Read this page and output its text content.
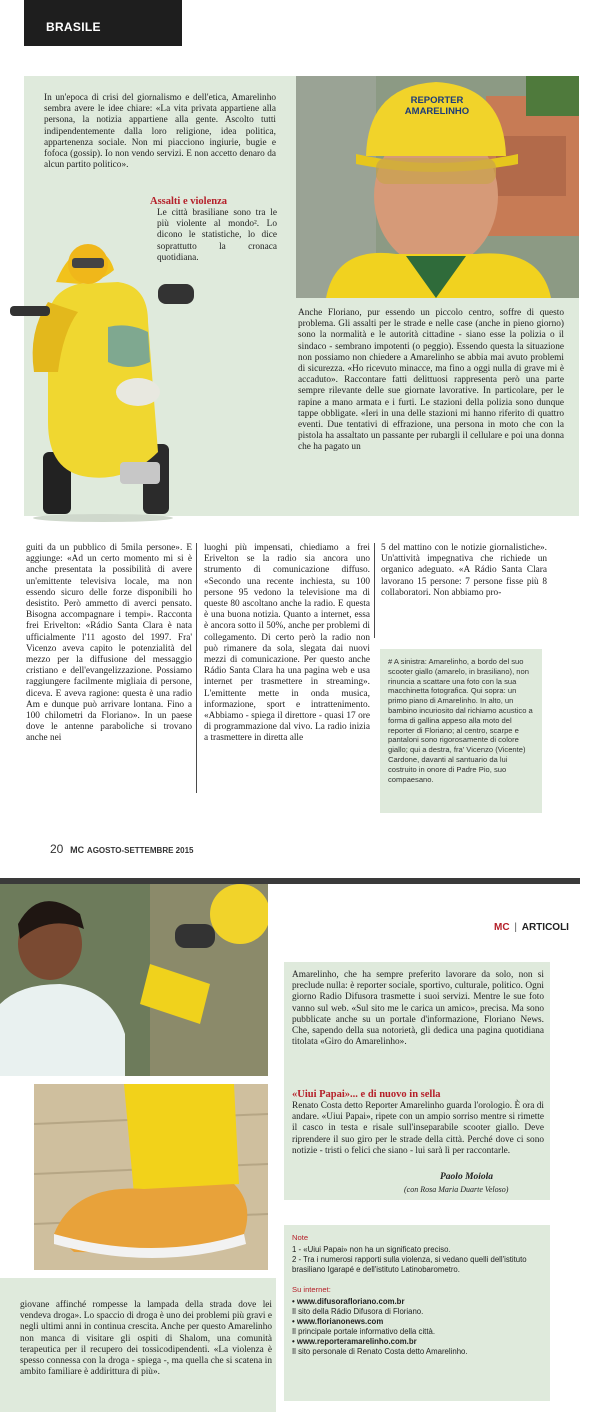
BRASILE
In un'epoca di crisi del giornalismo e dell'etica, Amarelinho sembra avere le idee chiare: «La vita privata appartiene alla persona, la notizia appartiene alla gente. Ascolto tutti indipendentemente dalla loro religione, idea politica, appartenenza sociale. Non mi piacciono ingiurie, bugie e fofoca (gossip). Io non vendo servizi. E non accetto denaro da alcun partito politico».
Assalti e violenza
Le città brasiliane sono tra le più violente al mondo². Lo dicono le statistiche, lo dice soprattutto la cronaca quotidiana.
REPORTER AMARELINHO
Anche Floriano, pur essendo un piccolo centro, soffre di questo problema. Gli assalti per le strade e nelle case (anche in pieno giorno) sono la normalità e le autorità cittadine - siano esse la polizia o il sindaco - sembrano impotenti (o peggio). Essendo questa la situazione non possiamo non chiedere a Amarelinho se abbia mai avuto problemi di sicurezza. «Ho ricevuto minacce, ma fino a oggi nulla di grave mi è accaduto». Raccontare fatti delittuosi rappresenta però una parte sempre rilevante delle sue giornate lavorative. In particolare, per le rapine a mano armata e i furti. Le stazioni della polizia sono dunque tappe obbligate. «Ieri in una delle stazioni mi hanno riferito di quattro eventi. Due tentativi di effrazione, una persona in moto che con la pistola ha assaltato un passante per rubargli il cellulare e poi una donna che ha pagato un
guiti da un pubblico di 5mila persone». E aggiunge: «Ad un certo momento mi si è anche presentata la possibilità di avere un'emittente televisiva locale, ma non essendo sicuro delle forze disponibili ho desistito. Però ammetto di averci pensato. Bisogna accompagnare i tempi». Racconta frei Erivelton: «Rádio Santa Clara è nata ufficialmente l'11 agosto del 1997. Fra' Vicenzo aveva capito le potenzialità del mezzo per la diffusione del messaggio cristiano e dell'evangelizzazione. Possiamo raggiungere facilmente migliaia di persone, diceva. E aveva ragione: questa è una radio Am e dunque può arrivare lontana. Fino a 100 chilometri da Floriano». In un paese dove le antenne paraboliche si trovano anche nei
luoghi più impensati, chiediamo a frei Erivelton se la radio sia ancora uno strumento di comunicazione diffuso. «Secondo una recente inchiesta, su 100 persone 95 vedono la televisione ma di queste 80 ascoltano anche la radio. E questa è una buona notizia. Quanto a internet, essa è ancora sotto il 50%, anche per problemi di collegamento. Di certo però la radio non può rimanere da sola, slegata dai nuovi mezzi di comunicazione. Per questo anche Rádio Santa Clara ha una pagina web e usa internet per trasmettere in streaming». L'emittente mette in onda musica, informazione, sport e intrattenimento. «Abbiamo - spiega il direttore - quasi 17 ore di programmazione dal vivo. La radio inizia a trasmettere in diretta alle
5 del mattino con le notizie giornalistiche». Un'attività impegnativa che richiede un organico adeguato. «A Rádio Santa Clara lavorano 15 persone: 7 persone fisse più 8 collaboratori. Non abbiamo pro-
# A sinistra: Amarelinho, a bordo del suo scooter giallo (amarelo, in brasiliano), non rinuncia a scattare una foto con la sua macchinetta fotografica. Qui sopra: un primo piano di Amarelinho. In alto, un bambino incuriosito dal richiamo acustico a forma di gallina appeso alla moto del reporter di Floriano; al centro, scarpe e pantaloni sono rigorosamente di colore giallo; qui a destra, fra' Vicenzo (Vicente) Cardone, davanti al santuario da lui costruito in onore di Padre Pio, suo compaesano.
20 MC AGOSTO-SETTEMBRE 2015
MC | ARTICOLI
Amarelinho, che ha sempre preferito lavorare da solo, non si preclude nulla: è reporter sociale, sportivo, culturale, politico. Ogni giorno Radio Difusora trasmette i suoi servizi. Mentre le sue foto vanno sul web. «Sul sito me le carica un amico», precisa. Ma sono pubblicate anche su un portale d'informazione, Floriano News. Che, sapendo della sua notorietà, gli dedica una pagina quotidiana titolata «Giro do Amarelinho».
«Uiui Papai»... e di nuovo in sella
Renato Costa detto Reporter Amarelinho guarda l'orologio. È ora di andare. «Uiui Papai», ripete con un ampio sorriso mentre si rimette il casco in testa e risale sull'inseparabile scooter giallo. Deve riprendere il suo giro per le strade della città. Perché dove ci sono notizie - tristi o felici che siano - lui sarà lì per raccontarle.
Paolo Moiola
(con Rosa Maria Duarte Veloso)
giovane affinché rompesse la lampada della strada dove lei vendeva droga». Lo spaccio di droga è uno dei problemi più gravi e negli ultimi anni in continua crescita. Anche per questo Amarelinho non manca di visitare gli ospiti di Shalom, una comunità terapeutica per il recupero dei tossicodipendenti. «La violenza è spesso connessa con la droga - spiega -, ma quella che si scatena in ambito familiare è addirittura di più».
Note
1 - «Uiui Papai» non ha un significato preciso.
2 - Tra i numerosi rapporti sulla violenza, si vedano quelli dell'istituto brasiliano Igarapé e dell'istituto Latinobarometro.
Su internet:
• www.difusorafloriano.com.br
Il sito della Rádio Difusora di Floriano.
• www.florianonews.com
Il principale portale informativo della città.
• www.reporteramarelinho.com.br
Il sito personale di Renato Costa detto Amarelinho.
